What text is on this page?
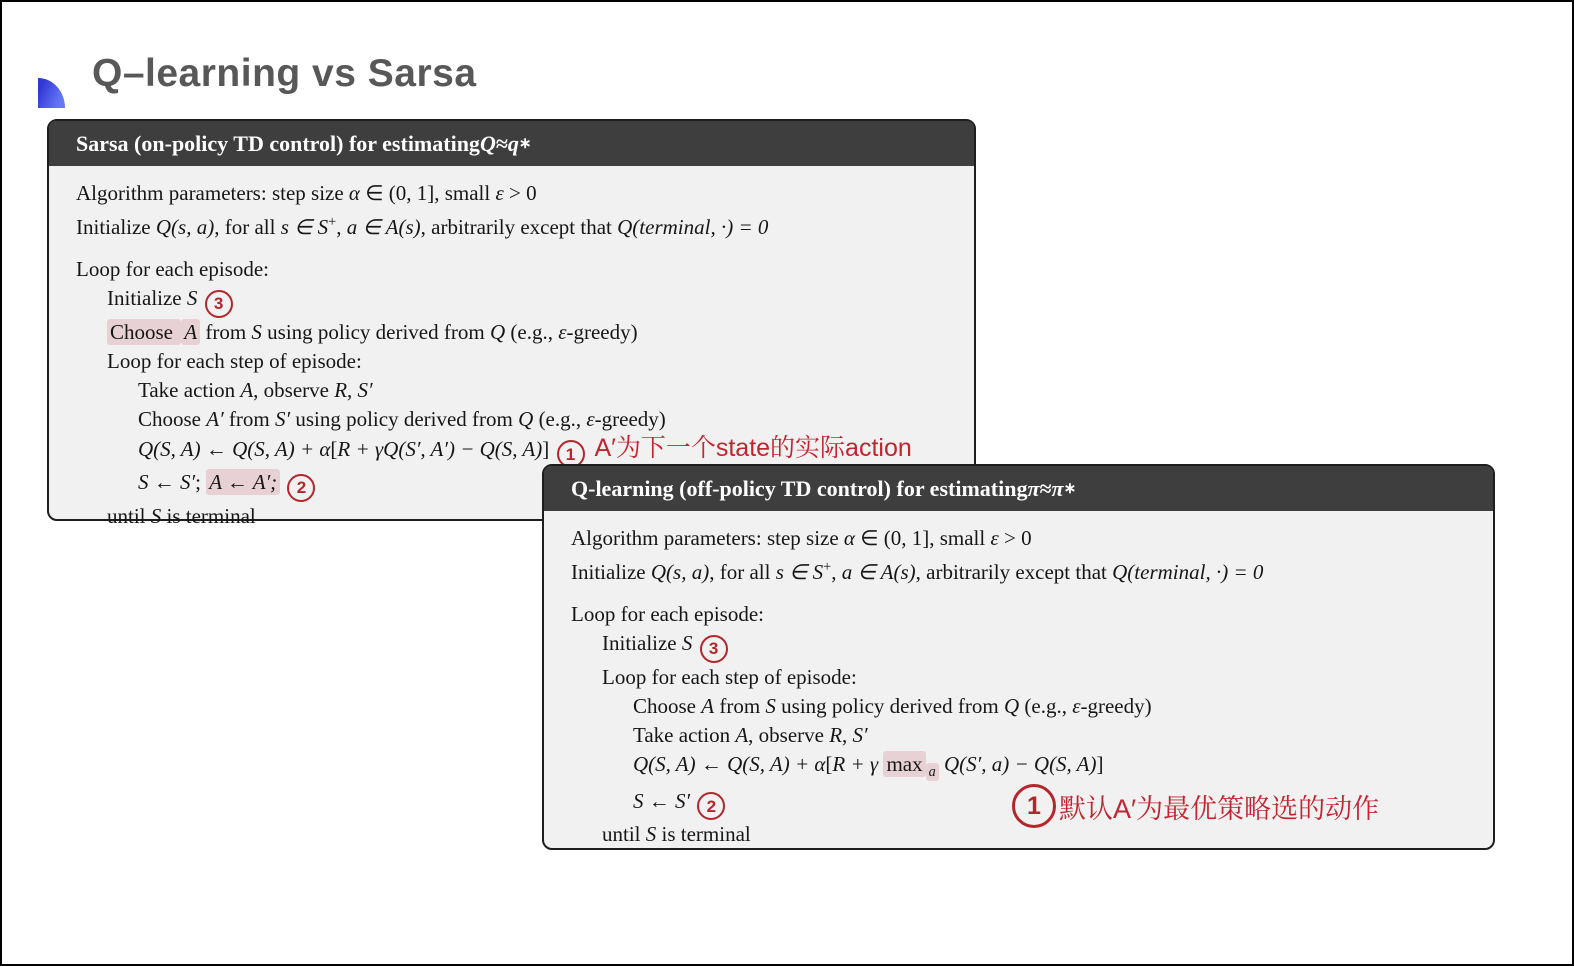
Q–learning vs Sarsa
Sarsa (on-policy TD control) for estimating Q ≈ q ∗
Algorithm parameters: step size α ∈ (0, 1], small ε > 0
Initialize Q(s, a), for all s ∈ S+, a ∈ A(s), arbitrarily except that Q(terminal, ·) = 0
Loop for each episode:
Initialize S 3
Choose A from S using policy derived from Q (e.g., ε-greedy)
Loop for each step of episode:
Take action A, observe R, S′
Choose A′ from S′ using policy derived from Q (e.g., ε-greedy)
Q(S, A) ← Q(S, A) + α[R + γQ(S′, A′) − Q(S, A)] 1 A′为下一个state的实际action
S ← S′; A ← A′; 2
until S is terminal
Q-learning (off-policy TD control) for estimating π ≈ π ∗
Algorithm parameters: step size α ∈ (0, 1], small ε > 0
Initialize Q(s, a), for all s ∈ S+, a ∈ A(s), arbitrarily except that Q(terminal, ·) = 0
Loop for each episode:
Initialize S 3
Loop for each step of episode:
Choose A from S using policy derived from Q (e.g., ε-greedy)
Take action A, observe R, S′
Q(S, A) ← Q(S, A) + α[R + γ max $_a$ Q(S′, a) − Q(S, A)]
S ← S′ 2
until S is terminal
1 默认A′为最优策略选的动作
